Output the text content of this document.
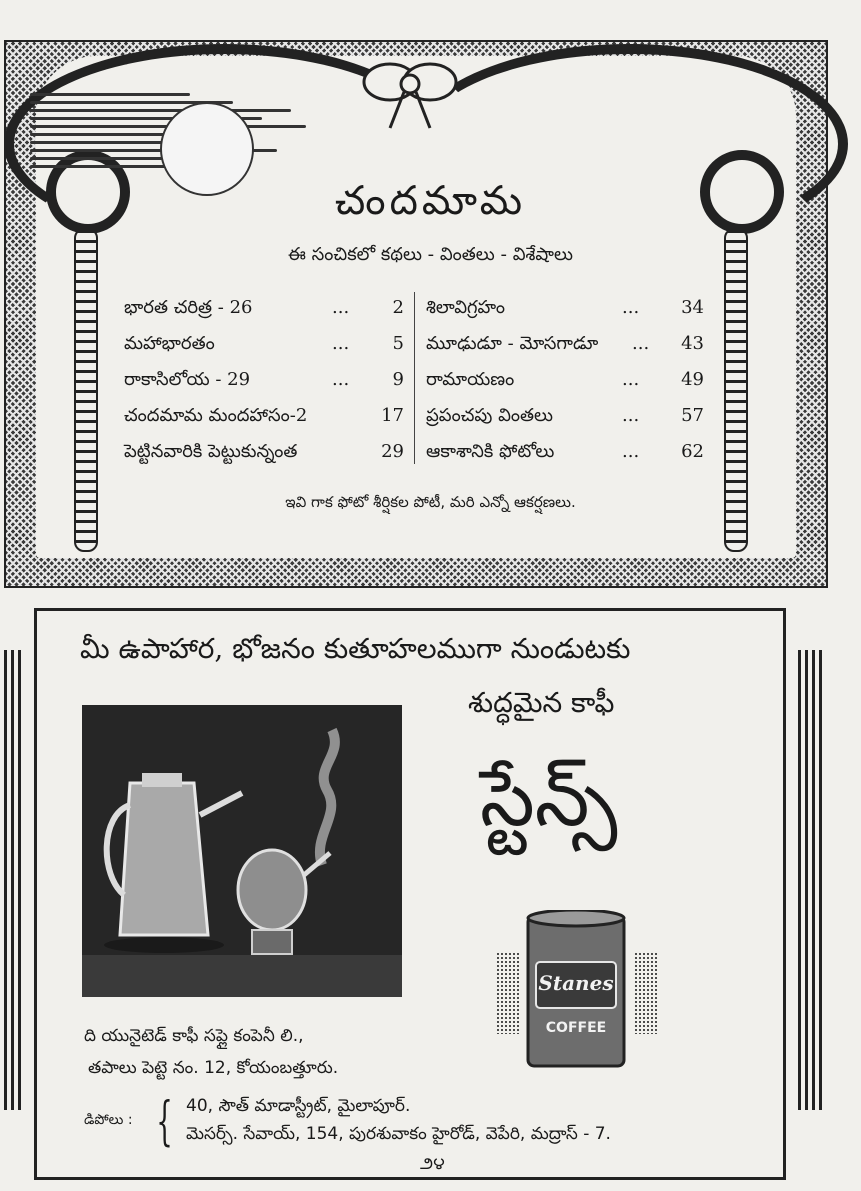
చందమామ
ఈ సంచికలో కథలు - వింతలు - విశేషాలు
భారత చరిత్ర - 26	...	2
మహాభారతం	...	5
రాకాసిలోయ - 29	...	9
చందమామ మందహాసం-2	17
పెట్టినవారికి పెట్టుకున్నంత	29
శిలావిగ్రహం	...	34
మూఢుడూ - మోసగాడూ ...	43
రామాయణం	...	49
ప్రపంచపు వింతలు	...	57
ఆకాశానికి ఫోటోలు	...	62
ఇవి గాక ఫోటో శీర్షికల పోటీ, మరి ఎన్నో ఆకర్షణలు.
మీ ఉపాహార, భోజనం కుతూహలముగా నుండుటకు
శుద్ధమైన కాఫీ
స్టేన్స్
Stanes
COFFEE
ది యునైటెడ్ కాఫీ సప్లై కంపెనీ లి.,
తపాలు పెట్టె నం. 12, కోయంబత్తూరు.
డిపోలు : { 40, సౌత్ మాడాస్ట్రీట్, మైలాపూర్.
మెసర్స్. సేవాయ్, 154, పురశువాకం హైరోడ్, వెపేరి, మద్రాస్ - 7.
౨౪
